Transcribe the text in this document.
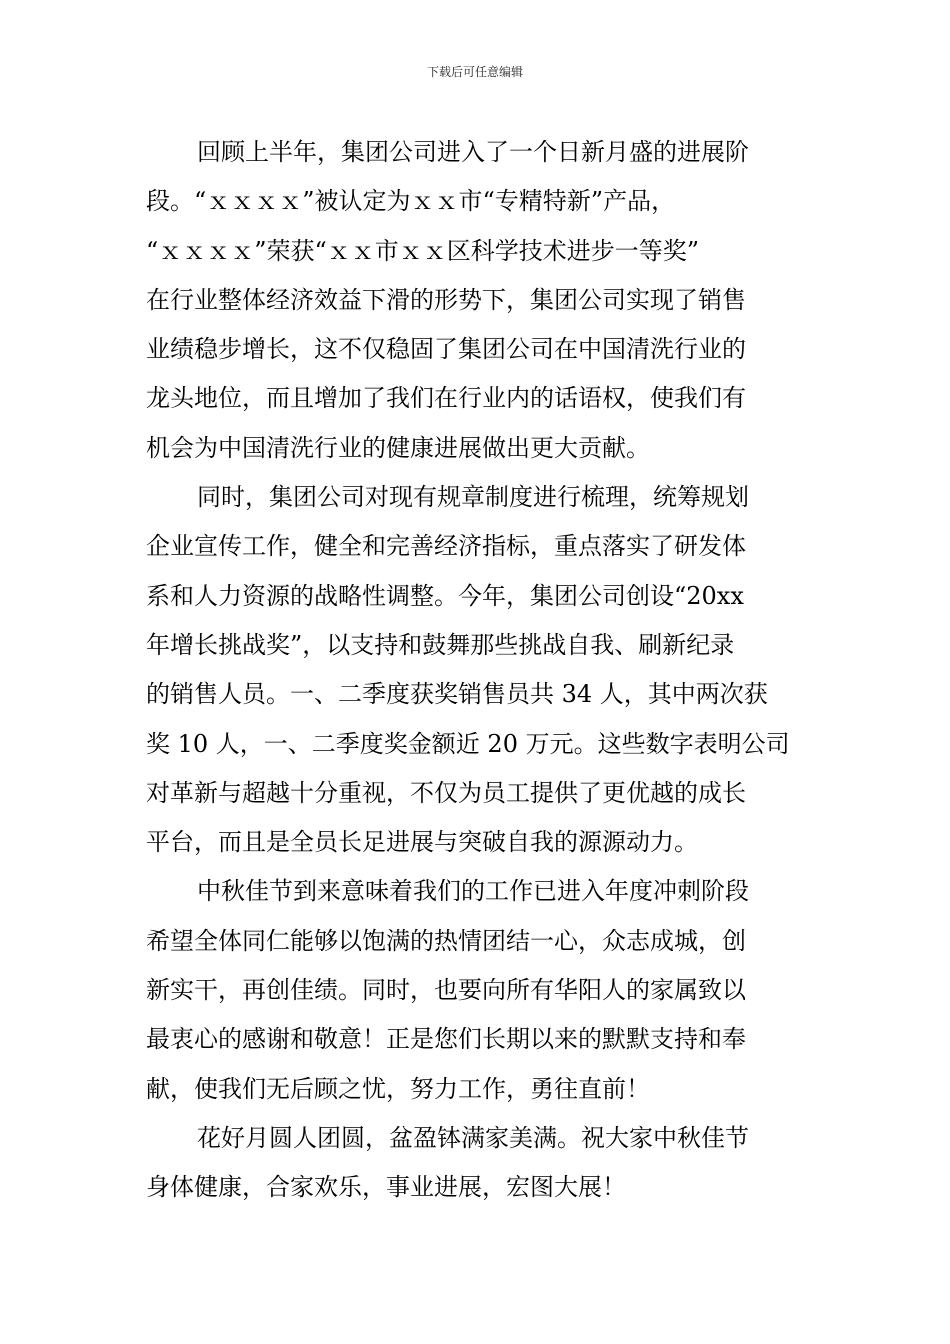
下载后可任意编辑
回顾上半年，集团公司进入了一个日新月盛的进展阶
段。“ｘｘｘｘ”被认定为ｘｘ市“专精特新”产品，
“ｘｘｘｘ”荣获“ｘｘ市ｘｘ区科学技术进步一等奖”
在行业整体经济效益下滑的形势下，集团公司实现了销售
业绩稳步增长，这不仅稳固了集团公司在中国清洗行业的
龙头地位，而且增加了我们在行业内的话语权，使我们有
机会为中国清洗行业的健康进展做出更大贡献。
同时，集团公司对现有规章制度进行梳理，统筹规划
企业宣传工作，健全和完善经济指标，重点落实了研发体
系和人力资源的战略性调整。今年，集团公司创设“20xx
年增长挑战奖”，以支持和鼓舞那些挑战自我、刷新纪录
的销售人员。一、二季度获奖销售员共 34 人，其中两次获
奖 10 人，一、二季度奖金额近 20 万元。这些数字表明公司
对革新与超越十分重视，不仅为员工提供了更优越的成长
平台，而且是全员长足进展与突破自我的源源动力。
中秋佳节到来意味着我们的工作已进入年度冲刺阶段
希望全体同仁能够以饱满的热情团结一心，众志成城，创
新实干，再创佳绩。同时，也要向所有华阳人的家属致以
最衷心的感谢和敬意！正是您们长期以来的默默支持和奉
献，使我们无后顾之忧，努力工作，勇往直前！
花好月圆人团圆，盆盈钵满家美满。祝大家中秋佳节
身体健康，合家欢乐，事业进展，宏图大展！
